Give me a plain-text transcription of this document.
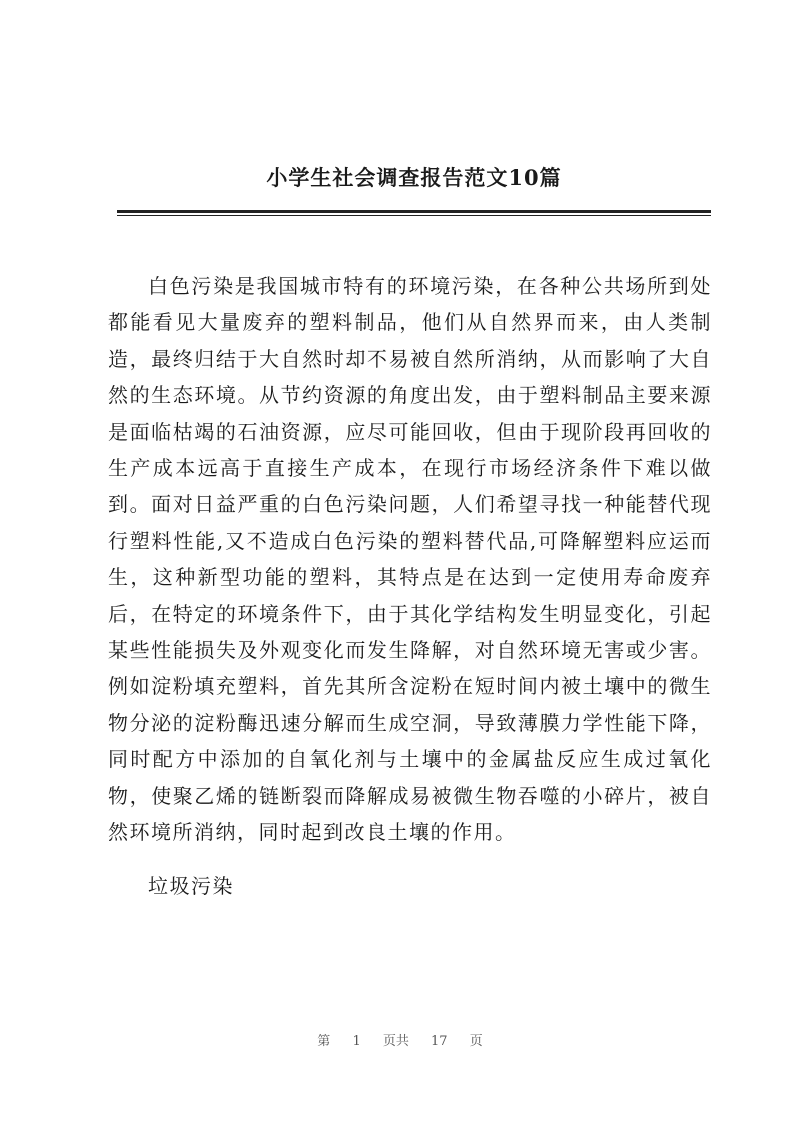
小学生社会调查报告范文10篇

白色污染是我国城市特有的环境污染，在各种公共场所到处都能看见大量废弃的塑料制品，他们从自然界而来，由人类制造，最终归结于大自然时却不易被自然所消纳，从而影响了大自然的生态环境。从节约资源的角度出发，由于塑料制品主要来源是面临枯竭的石油资源，应尽可能回收，但由于现阶段再回收的生产成本远高于直接生产成本，在现行市场经济条件下难以做到。面对日益严重的白色污染问题，人们希望寻找一种能替代现行塑料性能,又不造成白色污染的塑料替代品,可降解塑料应运而生，这种新型功能的塑料，其特点是在达到一定使用寿命废弃后，在特定的环境条件下，由于其化学结构发生明显变化，引起某些性能损失及外观变化而发生降解，对自然环境无害或少害。例如淀粉填充塑料，首先其所含淀粉在短时间内被土壤中的微生物分泌的淀粉酶迅速分解而生成空洞，导致薄膜力学性能下降，同时配方中添加的自氧化剂与土壤中的金属盐反应生成过氧化物，使聚乙烯的链断裂而降解成易被微生物吞噬的小碎片，被自然环境所消纳，同时起到改良土壤的作用。

垃圾污染

第 1 页共 17 页
